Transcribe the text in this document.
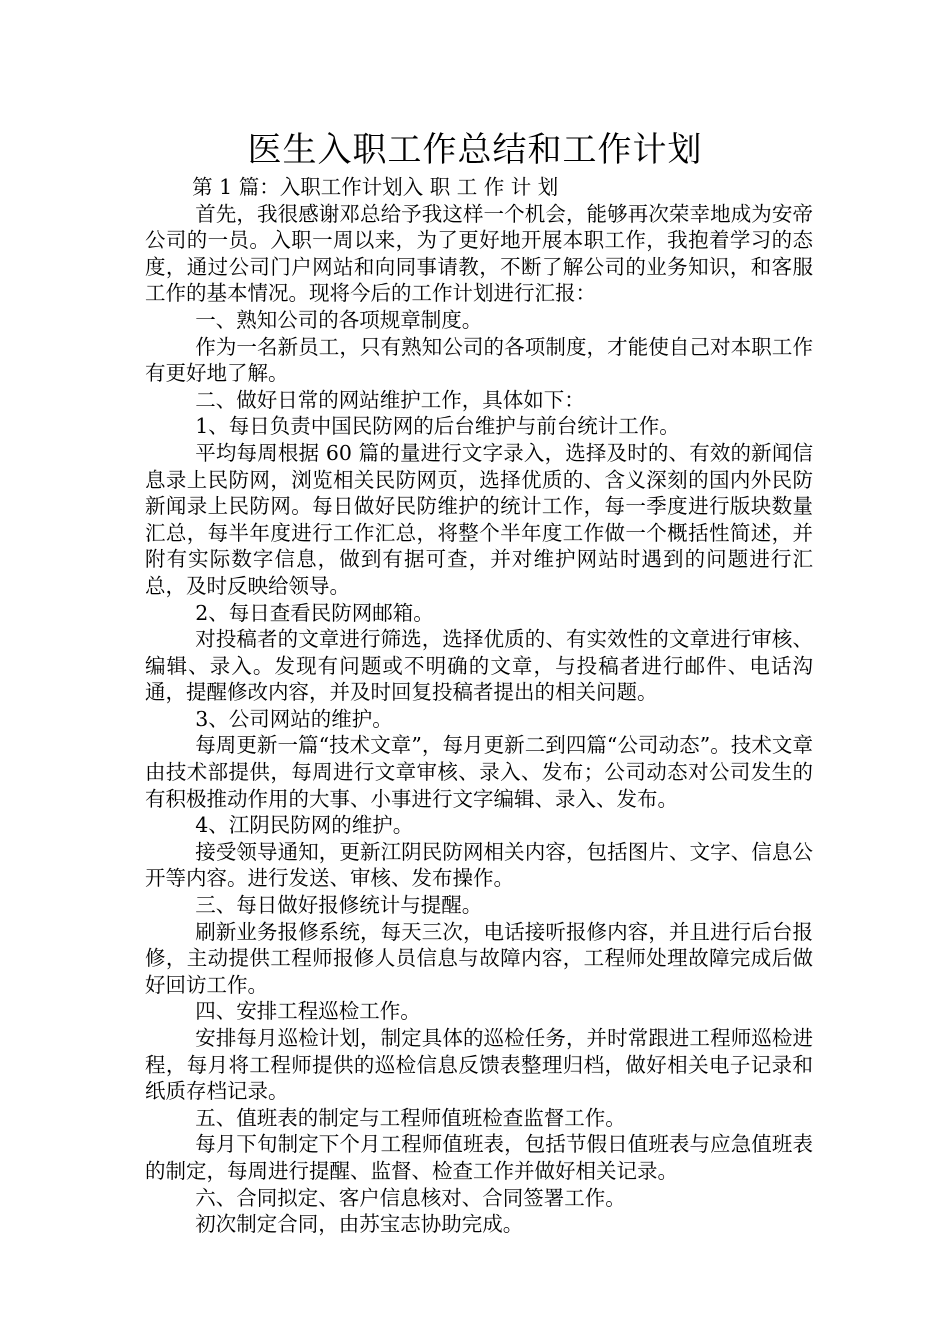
医生入职工作总结和工作计划

第 1 篇：入职工作计划入 职 工 作 计 划

首先，我很感谢邓总给予我这样一个机会，能够再次荣幸地成为安帝公司的一员。入职一周以来，为了更好地开展本职工作，我抱着学习的态度，通过公司门户网站和向同事请教，不断了解公司的业务知识，和客服工作的基本情况。现将今后的工作计划进行汇报：

一、熟知公司的各项规章制度。

作为一名新员工，只有熟知公司的各项制度，才能使自己对本职工作有更好地了解。

二、做好日常的网站维护工作，具体如下：

1、每日负责中国民防网的后台维护与前台统计工作。

平均每周根据 60 篇的量进行文字录入，选择及时的、有效的新闻信息录上民防网，浏览相关民防网页，选择优质的、含义深刻的国内外民防新闻录上民防网。每日做好民防维护的统计工作，每一季度进行版块数量汇总，每半年度进行工作汇总，将整个半年度工作做一个概括性简述，并附有实际数字信息，做到有据可查，并对维护网站时遇到的问题进行汇总，及时反映给领导。

2、每日查看民防网邮箱。

对投稿者的文章进行筛选，选择优质的、有实效性的文章进行审核、编辑、录入。发现有问题或不明确的文章，与投稿者进行邮件、电话沟通，提醒修改内容，并及时回复投稿者提出的相关问题。

3、公司网站的维护。

每周更新一篇“技术文章”，每月更新二到四篇“公司动态”。技术文章由技术部提供，每周进行文章审核、录入、发布；公司动态对公司发生的有积极推动作用的大事、小事进行文字编辑、录入、发布。

4、江阴民防网的维护。

接受领导通知，更新江阴民防网相关内容，包括图片、文字、信息公开等内容。进行发送、审核、发布操作。

三、每日做好报修统计与提醒。

刷新业务报修系统，每天三次，电话接听报修内容，并且进行后台报修，主动提供工程师报修人员信息与故障内容，工程师处理故障完成后做好回访工作。

四、安排工程巡检工作。

安排每月巡检计划，制定具体的巡检任务，并时常跟进工程师巡检进程，每月将工程师提供的巡检信息反馈表整理归档，做好相关电子记录和纸质存档记录。

五、值班表的制定与工程师值班检查监督工作。

每月下旬制定下个月工程师值班表，包括节假日值班表与应急值班表的制定，每周进行提醒、监督、检查工作并做好相关记录。

六、合同拟定、客户信息核对、合同签署工作。

初次制定合同，由苏宝志协助完成。
